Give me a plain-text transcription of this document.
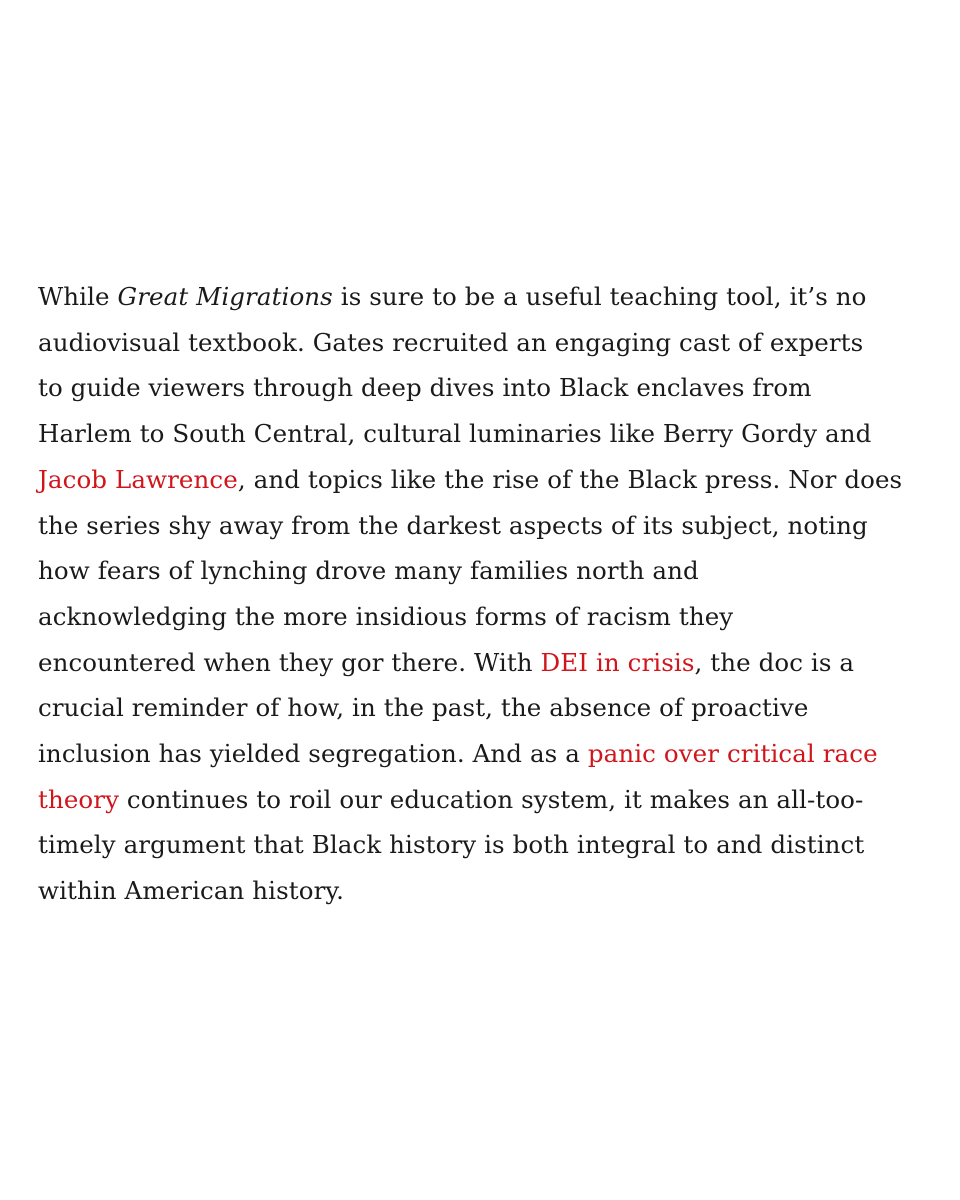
While Great Migrations is sure to be a useful teaching tool, it’s no
audiovisual textbook. Gates recruited an engaging cast of experts
to guide viewers through deep dives into Black enclaves from
Harlem to South Central, cultural luminaries like Berry Gordy and
Jacob Lawrence, and topics like the rise of the Black press. Nor does
the series shy away from the darkest aspects of its subject, noting
how fears of lynching drove many families north and
acknowledging the more insidious forms of racism they
encountered when they gor there. With DEI in crisis, the doc is a
crucial reminder of how, in the past, the absence of proactive
inclusion has yielded segregation. And as a panic over critical race
theory continues to roil our education system, it makes an all-too-
timely argument that Black history is both integral to and distinct
within American history.
